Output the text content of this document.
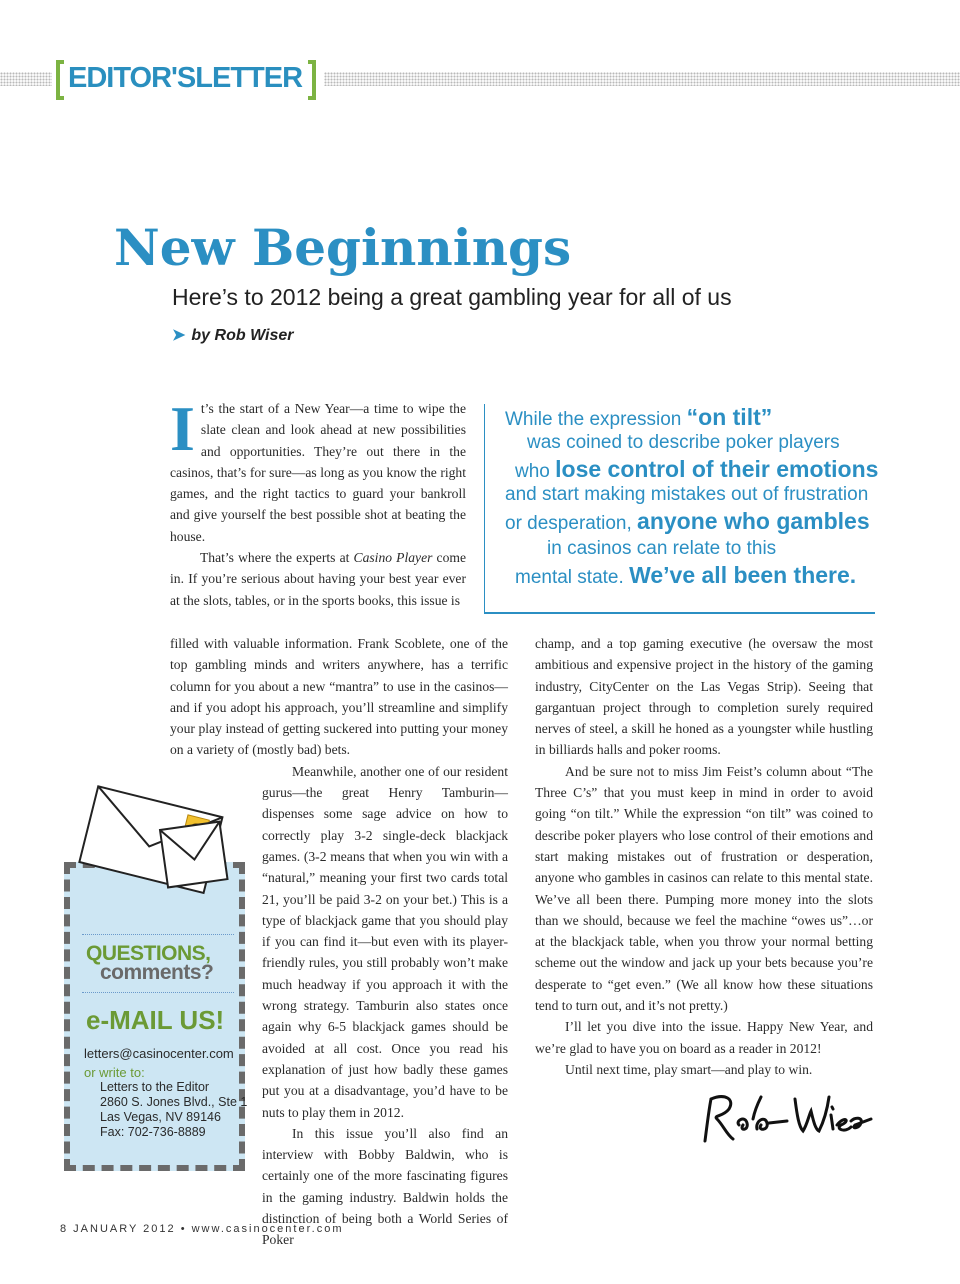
EDITOR'SLETTER
New Beginnings
Here’s to 2012 being a great gambling year for all of us
➤ by Rob Wiser

It’s the start of a New Year—a time to wipe the slate clean and look ahead at new possibilities and opportunities. They’re out there in the casinos, that’s for sure—as long as you know the right games, and the right tactics to guard your bankroll and give yourself the best possible shot at beating the house.

That’s where the experts at Casino Player come in. If you’re serious about having your best year ever at the slots, tables, or in the sports books, this issue is

filled with valuable information. Frank Scoblete, one of the top gambling minds and writers anywhere, has a terrific column for you about a new “mantra” to use in the casinos—and if you adopt his approach, you’ll streamline and simplify your play instead of getting suckered into putting your money on a variety of (mostly bad) bets.

Meanwhile, another one of our resident gurus—the great Henry Tamburin—dispenses some sage advice on how to correctly play 3-2 single-deck blackjack games. (3-2 means that when you win with a “natural,” meaning your first two cards total 21, you’ll be paid 3-2 on your bet.) This is a type of blackjack game that you should play if you can find it—but even with its player-friendly rules, you still probably won’t make much headway if you approach it with the wrong strategy. Tamburin also states once again why 6-5 blackjack games should be avoided at all cost. Once you read his explanation of just how badly these games put you at a disadvantage, you’d have to be nuts to play them in 2012.

In this issue you’ll also find an interview with Bobby Baldwin, who is certainly one of the more fascinating figures in the gaming industry. Baldwin holds the distinction of being both a World Series of Poker

champ, and a top gaming executive (he oversaw the most ambitious and expensive project in the history of the gaming industry, CityCenter on the Las Vegas Strip). Seeing that gargantuan project through to completion surely required nerves of steel, a skill he honed as a youngster while hustling in billiards halls and poker rooms.

And be sure not to miss Jim Feist’s column about “The Three C’s” that you must keep in mind in order to avoid going “on tilt.” While the expression “on tilt” was coined to describe poker players who lose control of their emotions and start making mistakes out of frustration or desperation, anyone who gambles in casinos can relate to this mental state. We’ve all been there. Pumping more money into the slots than we should, because we feel the machine “owes us”…or at the blackjack table, when you throw your normal betting scheme out the window and jack up your bets because you’re desperate to “get even.” (We all know how these situations tend to turn out, and it’s not pretty.)

I’ll let you dive into the issue. Happy New Year, and we’re glad to have you on board as a reader in 2012!

Until next time, play smart—and play to win.

While the expression “on tilt”
was coined to describe poker players
who lose control of their emotions
and start making mistakes out of frustration
or desperation, anyone who gambles
in casinos can relate to this
mental state. We’ve all been there.
QUESTIONS,
comments?
e-MAIL US!
letters@casinocenter.com
or write to:
Letters to the Editor
2860 S. Jones Blvd., Ste 1
Las Vegas, NV 89146
Fax: 702-736-8889
8 JANUARY 2012 • www.casinocenter.com
